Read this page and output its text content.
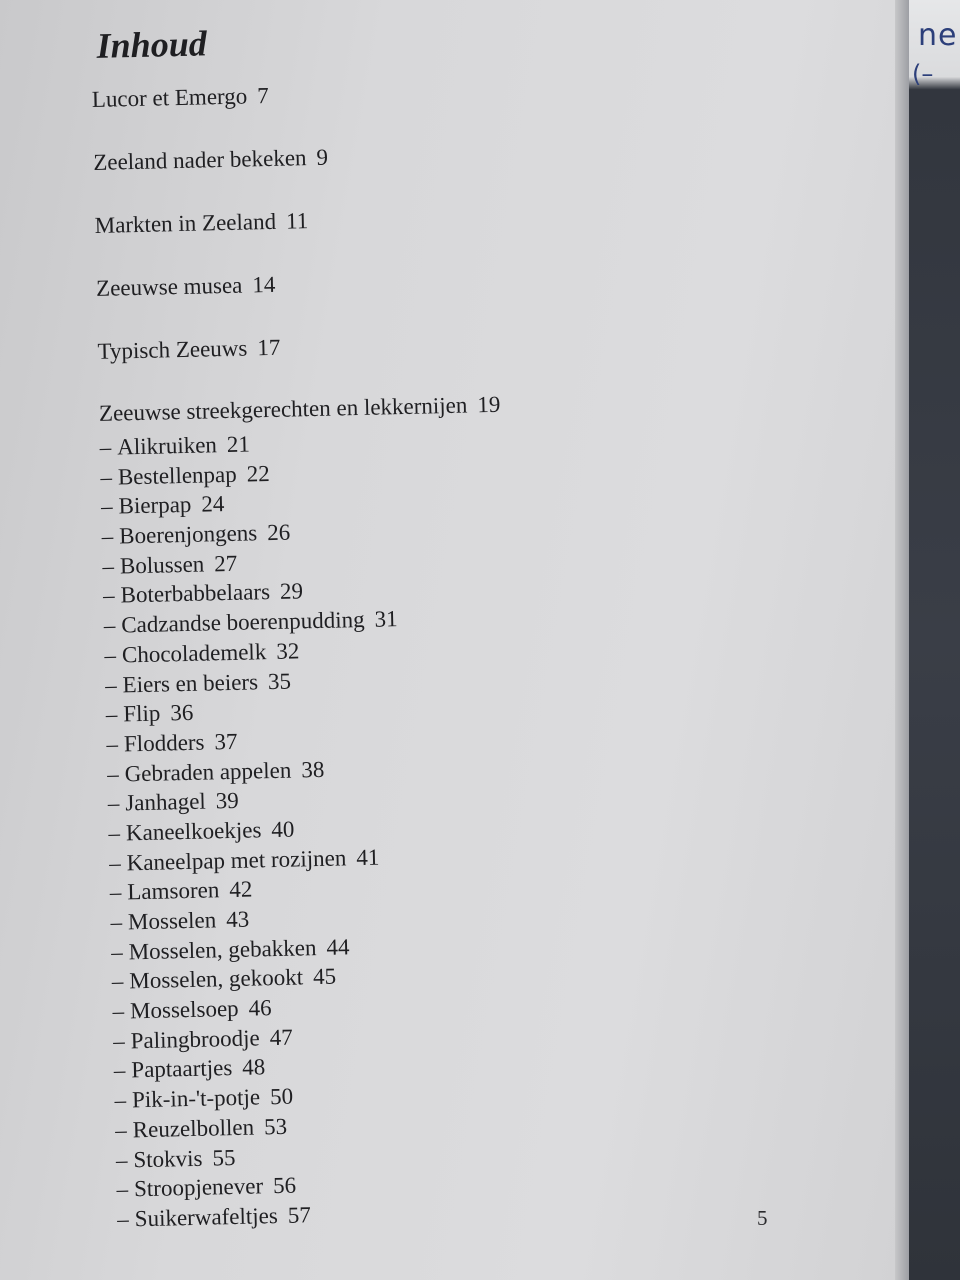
Inhoud
Lucor et Emergo 7
Zeeland nader bekeken 9
Markten in Zeeland 11
Zeeuwse musea 14
Typisch Zeeuws 17
Zeeuwse streekgerechten en lekkernijen 19
– Alikruiken 21
– Bestellenpap 22
– Bierpap 24
– Boerenjongens 26
– Bolussen 27
– Boterbabbelaars 29
– Cadzandse boerenpudding 31
– Chocolademelk 32
– Eiers en beiers 35
– Flip 36
– Flodders 37
– Gebraden appelen 38
– Janhagel 39
– Kaneelkoekjes 40
– Kaneelpap met rozijnen 41
– Lamsoren 42
– Mosselen 43
– Mosselen, gebakken 44
– Mosselen, gekookt 45
– Mosselsoep 46
– Palingbroodje 47
– Paptaartjes 48
– Pik-in-'t-potje 50
– Reuzelbollen 53
– Stokvis 55
– Stroopjenever 56
– Suikerwafeltjes 57	5
ne
(–
